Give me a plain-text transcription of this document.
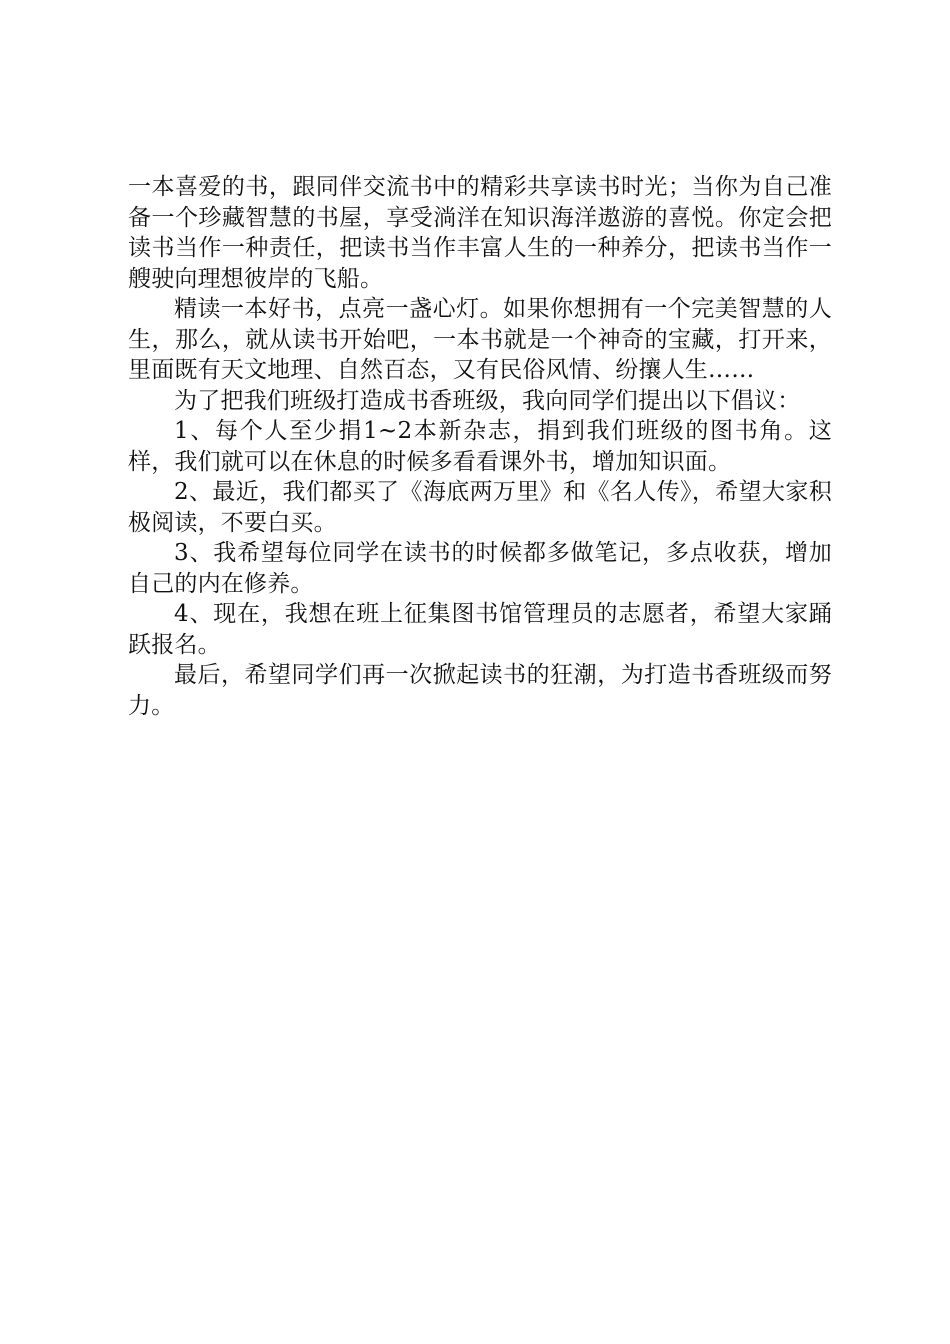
一本喜爱的书，跟同伴交流书中的精彩共享读书时光；当你为自己准备一个珍藏智慧的书屋，享受淌洋在知识海洋遨游的喜悦。你定会把读书当作一种责任，把读书当作丰富人生的一种养分，把读书当作一艘驶向理想彼岸的飞船。

精读一本好书，点亮一盏心灯。如果你想拥有一个完美智慧的人生，那么，就从读书开始吧，一本书就是一个神奇的宝藏，打开来，里面既有天文地理、自然百态，又有民俗风情、纷攘人生……

为了把我们班级打造成书香班级，我向同学们提出以下倡议：

1、每个人至少捐1~2本新杂志，捐到我们班级的图书角。这样，我们就可以在休息的时候多看看课外书，增加知识面。

2、最近，我们都买了《海底两万里》和《名人传》，希望大家积极阅读，不要白买。

3、我希望每位同学在读书的时候都多做笔记，多点收获，增加自己的内在修养。

4、现在，我想在班上征集图书馆管理员的志愿者，希望大家踊跃报名。

最后，希望同学们再一次掀起读书的狂潮，为打造书香班级而努力。
